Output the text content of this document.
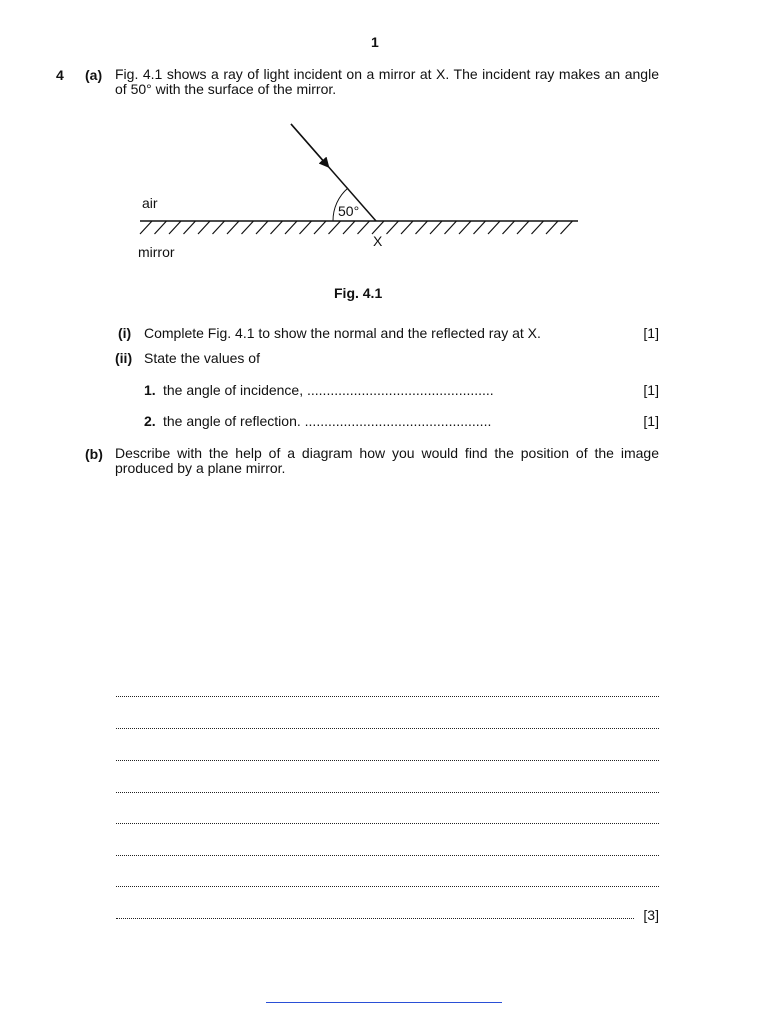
1
4 (a) Fig. 4.1 shows a ray of light incident on a mirror at X. The incident ray makes an angle of 50° with the surface of the mirror.
air	50°
X
mirror
Fig. 4.1
(i) Complete Fig. 4.1 to show the normal and the reflected ray at X.	[1]
(ii) State the values of
1. the angle of incidence, ................................................	[1]
2. the angle of reflection. ................................................	[1]
(b) Describe with the help of a diagram how you would find the position of the image produced by a plane mirror.
[3]
